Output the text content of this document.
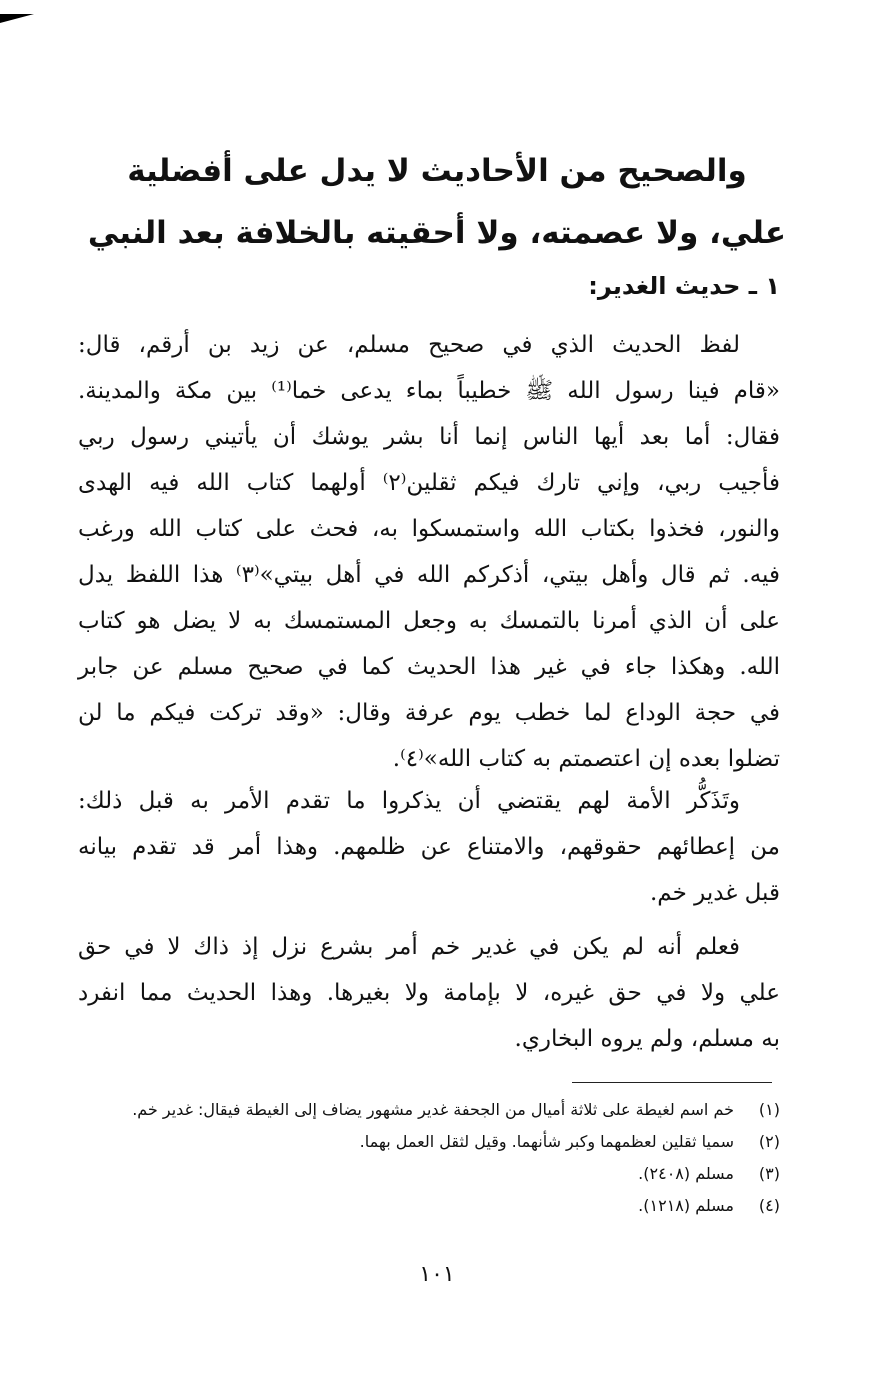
والصحيح من الأحاديث لا يدل على أفضلية
علي، ولا عصمته، ولا أحقيته بالخلافة بعد النبي
١ ـ حديث الغدير:
لفظ الحديث الذي في صحيح مسلم، عن زيد بن أرقم، قال:
«قام فينا رسول الله ﷺ خطيباً بماء يدعى خما⁽¹⁾ بين مكة والمدينة.
فقال: أما بعد أيها الناس إنما أنا بشر يوشك أن يأتيني رسول ربي
فأجيب ربي، وإني تارك فيكم ثقلين⁽٢⁾ أولهما كتاب الله فيه الهدى
والنور، فخذوا بكتاب الله واستمسكوا به، فحث على كتاب الله ورغب
فيه. ثم قال وأهل بيتي، أذكركم الله في أهل بيتي»⁽٣⁾ هذا اللفظ يدل
على أن الذي أمرنا بالتمسك به وجعل المستمسك به لا يضل هو كتاب
الله. وهكذا جاء في غير هذا الحديث كما في صحيح مسلم عن جابر
في حجة الوداع لما خطب يوم عرفة وقال: «وقد تركت فيكم ما لن
تضلوا بعده إن اعتصمتم به كتاب الله»⁽٤⁾.
وتَذَكُّر الأمة لهم يقتضي أن يذكروا ما تقدم الأمر به قبل ذلك:
من إعطائهم حقوقهم، والامتناع عن ظلمهم. وهذا أمر قد تقدم بيانه
قبل غدير خم.
فعلم أنه لم يكن في غدير خم أمر بشرع نزل إذ ذاك لا في حق
علي ولا في حق غيره، لا بإمامة ولا بغيرها. وهذا الحديث مما انفرد
به مسلم، ولم يروه البخاري.
(١)خم اسم لغيطة على ثلاثة أميال من الجحفة غدير مشهور يضاف إلى الغيطة فيقال: غدير خم.
(٢)سميا ثقلين لعظمهما وكبر شأنهما. وقيل لثقل العمل بهما.
(٣)مسلم (٢٤٠٨).
(٤)مسلم (١٢١٨).
١٠١
